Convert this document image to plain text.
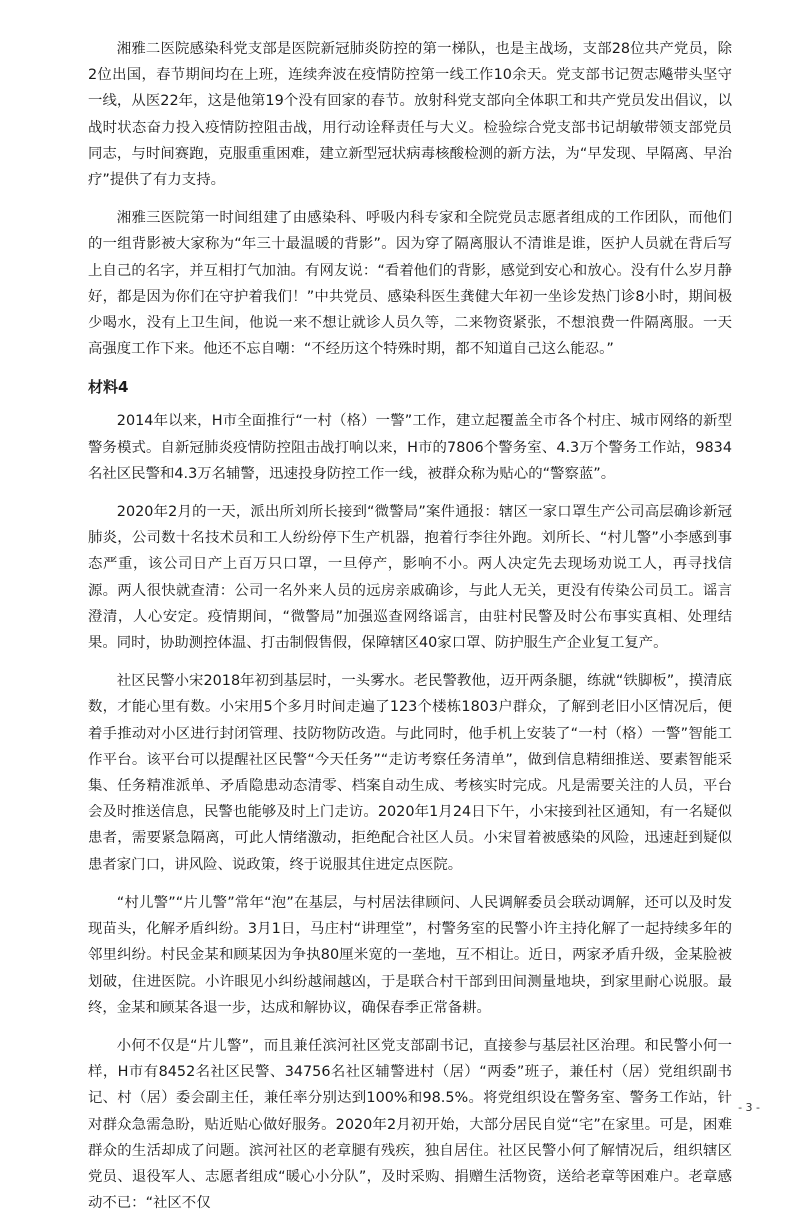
湘雅二医院感染科党支部是医院新冠肺炎防控的第一梯队，也是主战场，支部28位共产党员，除2位出国，春节期间均在上班，连续奔波在疫情防控第一线工作10余天。党支部书记贺志飚带头坚守一线，从医22年，这是他第19个没有回家的春节。放射科党支部向全体职工和共产党员发出倡议，以战时状态奋力投入疫情防控阻击战，用行动诠释责任与大义。检验综合党支部书记胡敏带领支部党员同志，与时间赛跑，克服重重困难，建立新型冠状病毒核酸检测的新方法，为“早发现、早隔离、早治疗”提供了有力支持。

湘雅三医院第一时间组建了由感染科、呼吸内科专家和全院党员志愿者组成的工作团队，而他们的一组背影被大家称为“年三十最温暖的背影”。因为穿了隔离服认不清谁是谁，医护人员就在背后写上自己的名字，并互相打气加油。有网友说：“看着他们的背影，感觉到安心和放心。没有什么岁月静好，都是因为你们在守护着我们！”中共党员、感染科医生龚健大年初一坐诊发热门诊8小时，期间极少喝水，没有上卫生间，他说一来不想让就诊人员久等，二来物资紧张，不想浪费一件隔离服。一天高强度工作下来。他还不忘自嘲：“不经历这个特殊时期，都不知道自己这么能忍。”

材料4

2014年以来，H市全面推行“一村（格）一警”工作，建立起覆盖全市各个村庄、城市网络的新型警务模式。自新冠肺炎疫情防控阻击战打响以来，H市的7806个警务室、4.3万个警务工作站，9834名社区民警和4.3万名辅警，迅速投身防控工作一线，被群众称为贴心的“警察蓝”。

2020年2月的一天，派出所刘所长接到“微警局”案件通报：辖区一家口罩生产公司高层确诊新冠肺炎，公司数十名技术员和工人纷纷停下生产机器，抱着行李往外跑。刘所长、“村儿警”小李感到事态严重，该公司日产上百万只口罩，一旦停产，影响不小。两人决定先去现场劝说工人，再寻找信源。两人很快就查清：公司一名外来人员的远房亲戚确诊，与此人无关，更没有传染公司员工。谣言澄清，人心安定。疫情期间，“微警局”加强巡查网络谣言，由驻村民警及时公布事实真相、处理结果。同时，协助测控体温、打击制假售假，保障辖区40家口罩、防护服生产企业复工复产。

社区民警小宋2018年初到基层时，一头雾水。老民警教他，迈开两条腿，练就“铁脚板”，摸清底数，才能心里有数。小宋用5个多月时间走遍了123个楼栋1803户群众，了解到老旧小区情况后，便着手推动对小区进行封闭管理、技防物防改造。与此同时，他手机上安装了“一村（格）一警”智能工作平台。该平台可以提醒社区民警“今天任务”“走访考察任务清单”，做到信息精细推送、要素智能采集、任务精准派单、矛盾隐患动态清零、档案自动生成、考核实时完成。凡是需要关注的人员，平台会及时推送信息，民警也能够及时上门走访。2020年1月24日下午，小宋接到社区通知，有一名疑似患者，需要紧急隔离，可此人情绪激动，拒绝配合社区人员。小宋冒着被感染的风险，迅速赶到疑似患者家门口，讲风险、说政策，终于说服其住进定点医院。

“村儿警”“片儿警”常年“泡”在基层，与村居法律顾问、人民调解委员会联动调解，还可以及时发现苗头，化解矛盾纠纷。3月1日，马庄村“讲理堂”，村警务室的民警小许主持化解了一起持续多年的邻里纠纷。村民金某和顾某因为争执80厘米宽的一垄地，互不相让。近日，两家矛盾升级，金某脸被划破，住进医院。小许眼见小纠纷越闹越凶，于是联合村干部到田间测量地块，到家里耐心说服。最终，金某和顾某各退一步，达成和解协议，确保春季正常备耕。

小何不仅是“片儿警”，而且兼任滨河社区党支部副书记，直接参与基层社区治理。和民警小何一样，H市有8452名社区民警、34756名社区辅警进村（居）“两委”班子，兼任村（居）党组织副书记、村（居）委会副主任，兼任率分别达到100%和98.5%。将党组织设在警务室、警务工作站，针对群众急需急盼，贴近贴心做好服务。2020年2月初开始，大部分居民自觉“宅”在家里。可是，困难群众的生活却成了问题。滨河社区的老章腿有残疾，独自居住。社区民警小何了解情况后，组织辖区党员、退役军人、志愿者组成“暖心小分队”，及时采购、捐赠生活物资，送给老章等困难户。老章感动不已：“社区不仅

- 3 -
